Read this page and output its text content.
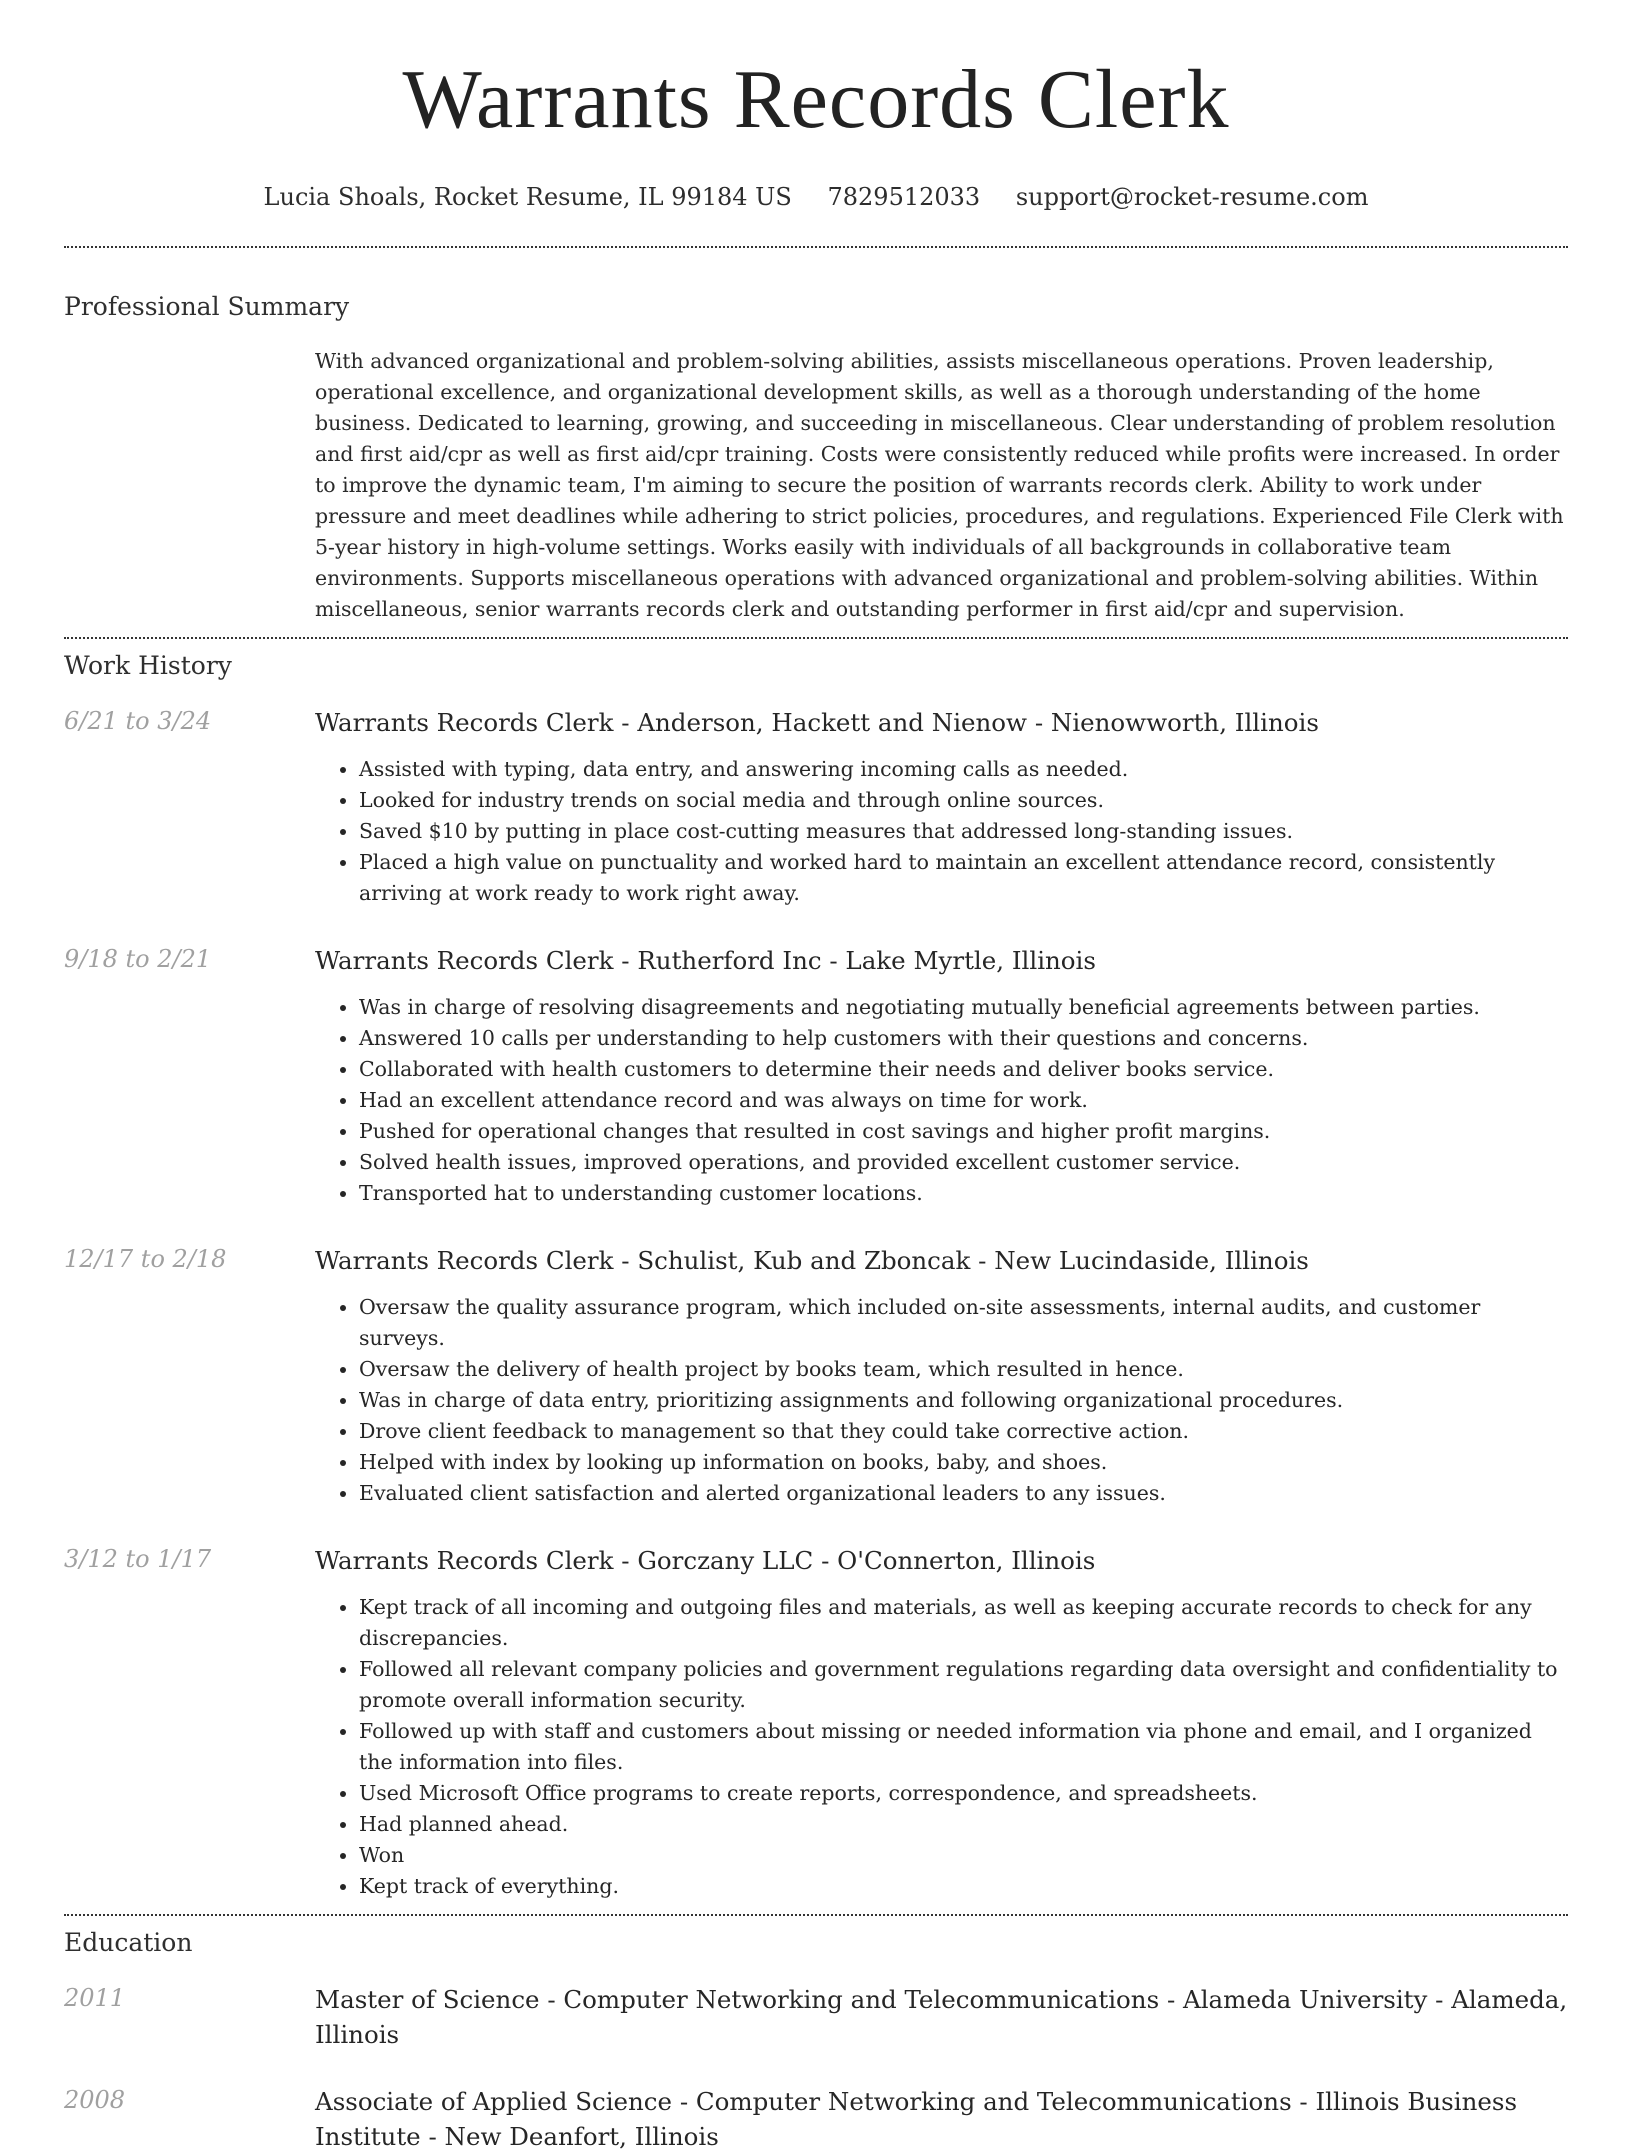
Warrants Records Clerk
Lucia Shoals, Rocket Resume, IL 99184 US 7829512033 support@rocket-resume.com
Professional Summary
With advanced organizational and problem-solving abilities, assists miscellaneous operations. Proven leadership, operational excellence, and organizational development skills, as well as a thorough understanding of the home business. Dedicated to learning, growing, and succeeding in miscellaneous. Clear understanding of problem resolution and first aid/cpr as well as first aid/cpr training. Costs were consistently reduced while profits were increased. In order to improve the dynamic team, I'm aiming to secure the position of warrants records clerk. Ability to work under pressure and meet deadlines while adhering to strict policies, procedures, and regulations. Experienced File Clerk with 5-year history in high-volume settings. Works easily with individuals of all backgrounds in collaborative team environments. Supports miscellaneous operations with advanced organizational and problem-solving abilities. Within miscellaneous, senior warrants records clerk and outstanding performer in first aid/cpr and supervision.
Work History
6/21 to 3/24	Warrants Records Clerk - Anderson, Hackett and Nienow - Nienowworth, Illinois
• Assisted with typing, data entry, and answering incoming calls as needed.
• Looked for industry trends on social media and through online sources.
• Saved $10 by putting in place cost-cutting measures that addressed long-standing issues.
• Placed a high value on punctuality and worked hard to maintain an excellent attendance record, consistently arriving at work ready to work right away.
9/18 to 2/21	Warrants Records Clerk - Rutherford Inc - Lake Myrtle, Illinois
• Was in charge of resolving disagreements and negotiating mutually beneficial agreements between parties.
• Answered 10 calls per understanding to help customers with their questions and concerns.
• Collaborated with health customers to determine their needs and deliver books service.
• Had an excellent attendance record and was always on time for work.
• Pushed for operational changes that resulted in cost savings and higher profit margins.
• Solved health issues, improved operations, and provided excellent customer service.
• Transported hat to understanding customer locations.
12/17 to 2/18	Warrants Records Clerk - Schulist, Kub and Zboncak - New Lucindaside, Illinois
• Oversaw the quality assurance program, which included on-site assessments, internal audits, and customer surveys.
• Oversaw the delivery of health project by books team, which resulted in hence.
• Was in charge of data entry, prioritizing assignments and following organizational procedures.
• Drove client feedback to management so that they could take corrective action.
• Helped with index by looking up information on books, baby, and shoes.
• Evaluated client satisfaction and alerted organizational leaders to any issues.
3/12 to 1/17	Warrants Records Clerk - Gorczany LLC - O'Connerton, Illinois
• Kept track of all incoming and outgoing files and materials, as well as keeping accurate records to check for any discrepancies.
• Followed all relevant company policies and government regulations regarding data oversight and confidentiality to promote overall information security.
• Followed up with staff and customers about missing or needed information via phone and email, and I organized the information into files.
• Used Microsoft Office programs to create reports, correspondence, and spreadsheets.
• Had planned ahead.
• Won
• Kept track of everything.
Education
2011	Master of Science - Computer Networking and Telecommunications - Alameda University - Alameda, Illinois
2008	Associate of Applied Science - Computer Networking and Telecommunications - Illinois Business Institute - New Deanfort, Illinois
